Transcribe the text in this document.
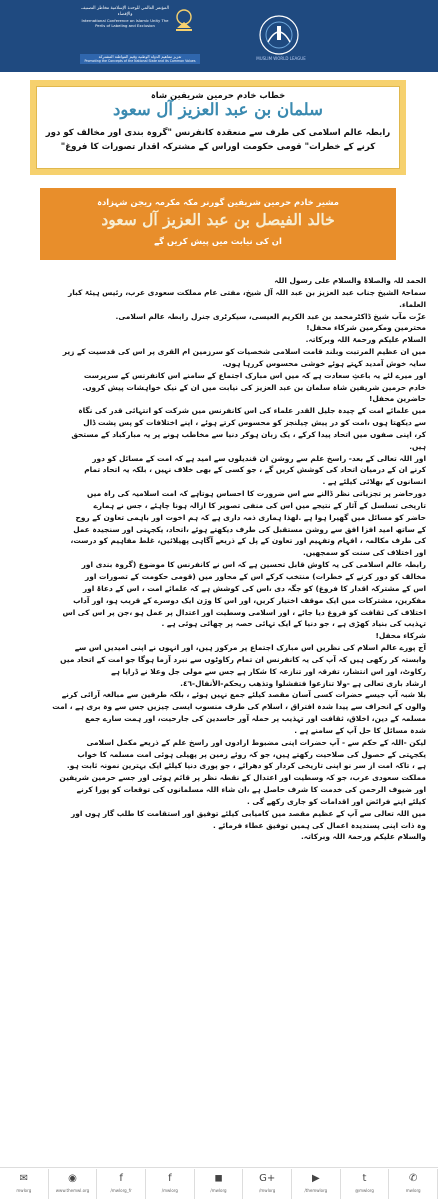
المؤتمر العالمي للوحدة الإسلامية مخاطر التصنيف والإقصاء
International Conference on Islamic Unity The Perils of Labeling and Exclusion
تعزيز مفاهيم الدولة الوطنية وقيم المواطنة المشتركة
Promoting the Concepts of the National State and its Common Values	MUSLIM WORLD LEAGUE
خطاب خادم حرمین شریفین شاہ
سلمان بن عبد العزيز آل سعود
رابطہ عالم اسلامی کی طرف سے منعقدہ کانفرنس "گروہ بندی اور مخالف کو دور
کرنے کے خطرات" قومی حکومت اوراس کے مشترکہ اقدار تصورات کا فروغ"
مشیر خادم حرمین شریفین گورنر مکہ مکرمہ ریجن شہزادہ
خالد الفيصل بن عبد العزيز آل سعود
ان کی نیابت میں پیش کریں گے
الحمد للہ والصلاۃ والسلام علی رسول اللہ
سماحۃ الشیخ جناب عبد العزیز بن عبد اللہ آل شیخ، مفتی عام مملکت سعودی عرب، رئیس ہیئۃ کبار
العلماء.
عزّت مآب شیخ ڈاکٹرمحمد بن عبد الکریم العیسی، سیکرٹری جنرل رابطہ عالم اسلامی.
محترمین ومکرمین شرکاء محفل!
السلام علیکم ورحمۃ اللہ وبرکاتہ.
میں ان عظیم المرتبت وبلند قامت اسلامی شخصیات کو سرزمین ام القری پر اس کی قدسیت کے زیر
سایہ خوش آمدید کہتے ہوئے خوشی محسوس کررہا ہوں.
اور میرے لئے یہ باعثِ سعادت ہے کہ میں اس مبارک اجتماع کے سامنے اس کانفرنس کے سرپرست
خادم حرمین شریفین شاہ سلمان بن عبد العزیز کی نیابت میں ان کے نیک خواہشات پیش کروں.
حاضرین محفل!
میں علمائے امت کے چیدہ جلیل القدر علماء کی اس کانفرنس میں شرکت کو انتہائی قدر کی نگاہ
سے دیکھتا ہوں ،امت کو در پیش چیلنجز کو محسوس کرتے ہوئے ، اپنے اختلافات کو پس پشت ڈال
کر، اپنی صفوں میں اتحاد پیدا کرکے ، یک زبان ہوکر دنیا سے مخاطب ہونے پر یہ مبارکباد کے مستحق
ہیں.
اور اللہ تعالی کے بعد- راسخ علم سے روشن ان قندیلوں سے امید ہے کہ امت کے مسائل کو دور
کرنے ان کے درمیان اتحاد کی کوشش کریں گے ، جو کسی کے بھی خلاف نہیں ، بلکہ یہ اتحاد تمام
انسانوں کے بھلائی کیلئے ہے .
دورحاضر پر تجزیاتی نظر ڈالنے سے اس ضرورت کا احساس ہوتاہے کہ امت اسلامیہ کی راہ میں
تاریخی تسلسل کے آثار کے نتیجے میں اس کی منفی تصویر کا ازالہ ہونا چاہئے ، جس نے ہمارے
حاضر کو مسائل میں گھیرا ہوا ہے .لهذا ہماری ذمہ داری ہے کہ ہم اخوت اور باہمی تعاون کے روح
کے ساتھ امید افزا افق سے روشن مستقبل کی طرف دیکھتے ہوئے ،اتحاد، یکجہتی اور سنجیدہ عمل
کی طرف مکالمہ ، افہام وتفہیم اور تعاون کے پل کے ذریعے آگاہی پھیلائیں، غلط مفاہیم کو درست،
اور اختلاف کی سنت کو سمجھیں.
رابطہ عالم اسلامی کی یہ کاوش قابل تحسین ہے کہ اس نے کانفرنس کا موضوع (گروہ بندی اور
مخالف کو دور کرنے کے خطرات) منتخب کرکے اس کے محاور میں (قومی حکومت کے تصورات اور
اس کے مشترکہ اقدار کا فروغ) کو جگہ دی ،اس کی کوشش ہے کہ علمائے امت ، اس کے دعاۃ اور
مفکرین، مشترکات میں ایک موقف اختیار کریں، اور اس کا وژن ایک دوسرے کے قریب ہو، اور آداب
اختلاف کی ثقافت کو فروغ دیا جائے ، اور اسلامی وسطیت اور اعتدال پر عمل ہو ،جن پر اس کی اس
تہذیب کی بنیاد کھڑی ہے ، جو دنیا کے ایک تہائی حصہ پر چھائی ہوئی ہے .
شرکاء محفل!
آج پورے عالم اسلام کی نظریں اس مبارک اجتماع پر مرکوز ہیں، اور انہوں نے اپنی امیدیں اس سے
وابستہ کر رکھی ہیں کہ آپ کی یہ کانفرنس ان تمام رکاوٹوں سے نبرد آزما ہوگا جو امت کے اتحاد میں
رکاوٹ، اور اس انتشار، تفرقہ اور تنازعہ کا شکار ہے جس سے مولی جل وعلا نے ڈرایا ہے
ارشاد باری تعالی ہے -ولا تنازعوا فتفشلوا وتذهب ريحكم-الأنفال-٤٦.
بلا شبہ آپ جیسے حضرات کسی آسان مقصد کیلئے جمع نہیں ہوئے ، بلکہ طرفین سے مبالغہ آرائی کرنے
والوں کے انحراف سے پیدا شدہ افتراق ، اسلام کی طرف منسوب ایسی چیزیں جس سے وہ بری ہے ، امت
مسلمہ کے دین، اخلاق، ثقافت اور تہذیب پر حملہ آور حاسدین کی جارحیت، اور ہمت سارے جمع
شدہ مسائل کا حل آپ کے سامنے ہے .
لیکن -اللہ کے حکم سے - آپ حضرات اپنی مضبوط ارادوں اور راسخ علم کے ذریعے مکمل اسلامی
یکجہتی کے حصول کی صلاحیت رکھتے ہیں، جو کہ روئے زمین پر پھیلی ہوئی امت مسلمہ کا خواب
ہے ، تاکہ امت از سر نو اپنی تاریخی کردار کو دھرائے ، جو پوری دنیا کیلئے ایک بہترین نمونہ ثابت ہو.
مملکت سعودی عرب، جو کہ وسطیت اور اعتدال کے نقطہ نظر پر قائم ہوئی اور جسے حرمین شریفین
اور ضیوف الرحمن کی خدمت کا شرف حاصل ہے ،ان شاء اللہ مسلمانوں کی توقعات کو پورا کرنے
کیلئے اپنے فرائض اور اقدامات کو جاری رکھے گی .
میں اللہ تعالی سے آپ کے عظیم مقصد میں کامیابی کیلئے توفیق اور استقامت کا طلب گار ہوں اور
وہ ذات اپنی پسندیدہ اعمال کی ہمیں توفیق عطاء فرمائے .
والسلام علیکم ورحمۃ اللہ وبرکاتہ.
✉
mwlorg
◉
www.themwl.org
f
/mwlorg_fr
f
/mwlorg
◼
/mwlorg
G+
/mwlorg
▶
/themwlorg
t
@mwlorg
✆
mwlorg
